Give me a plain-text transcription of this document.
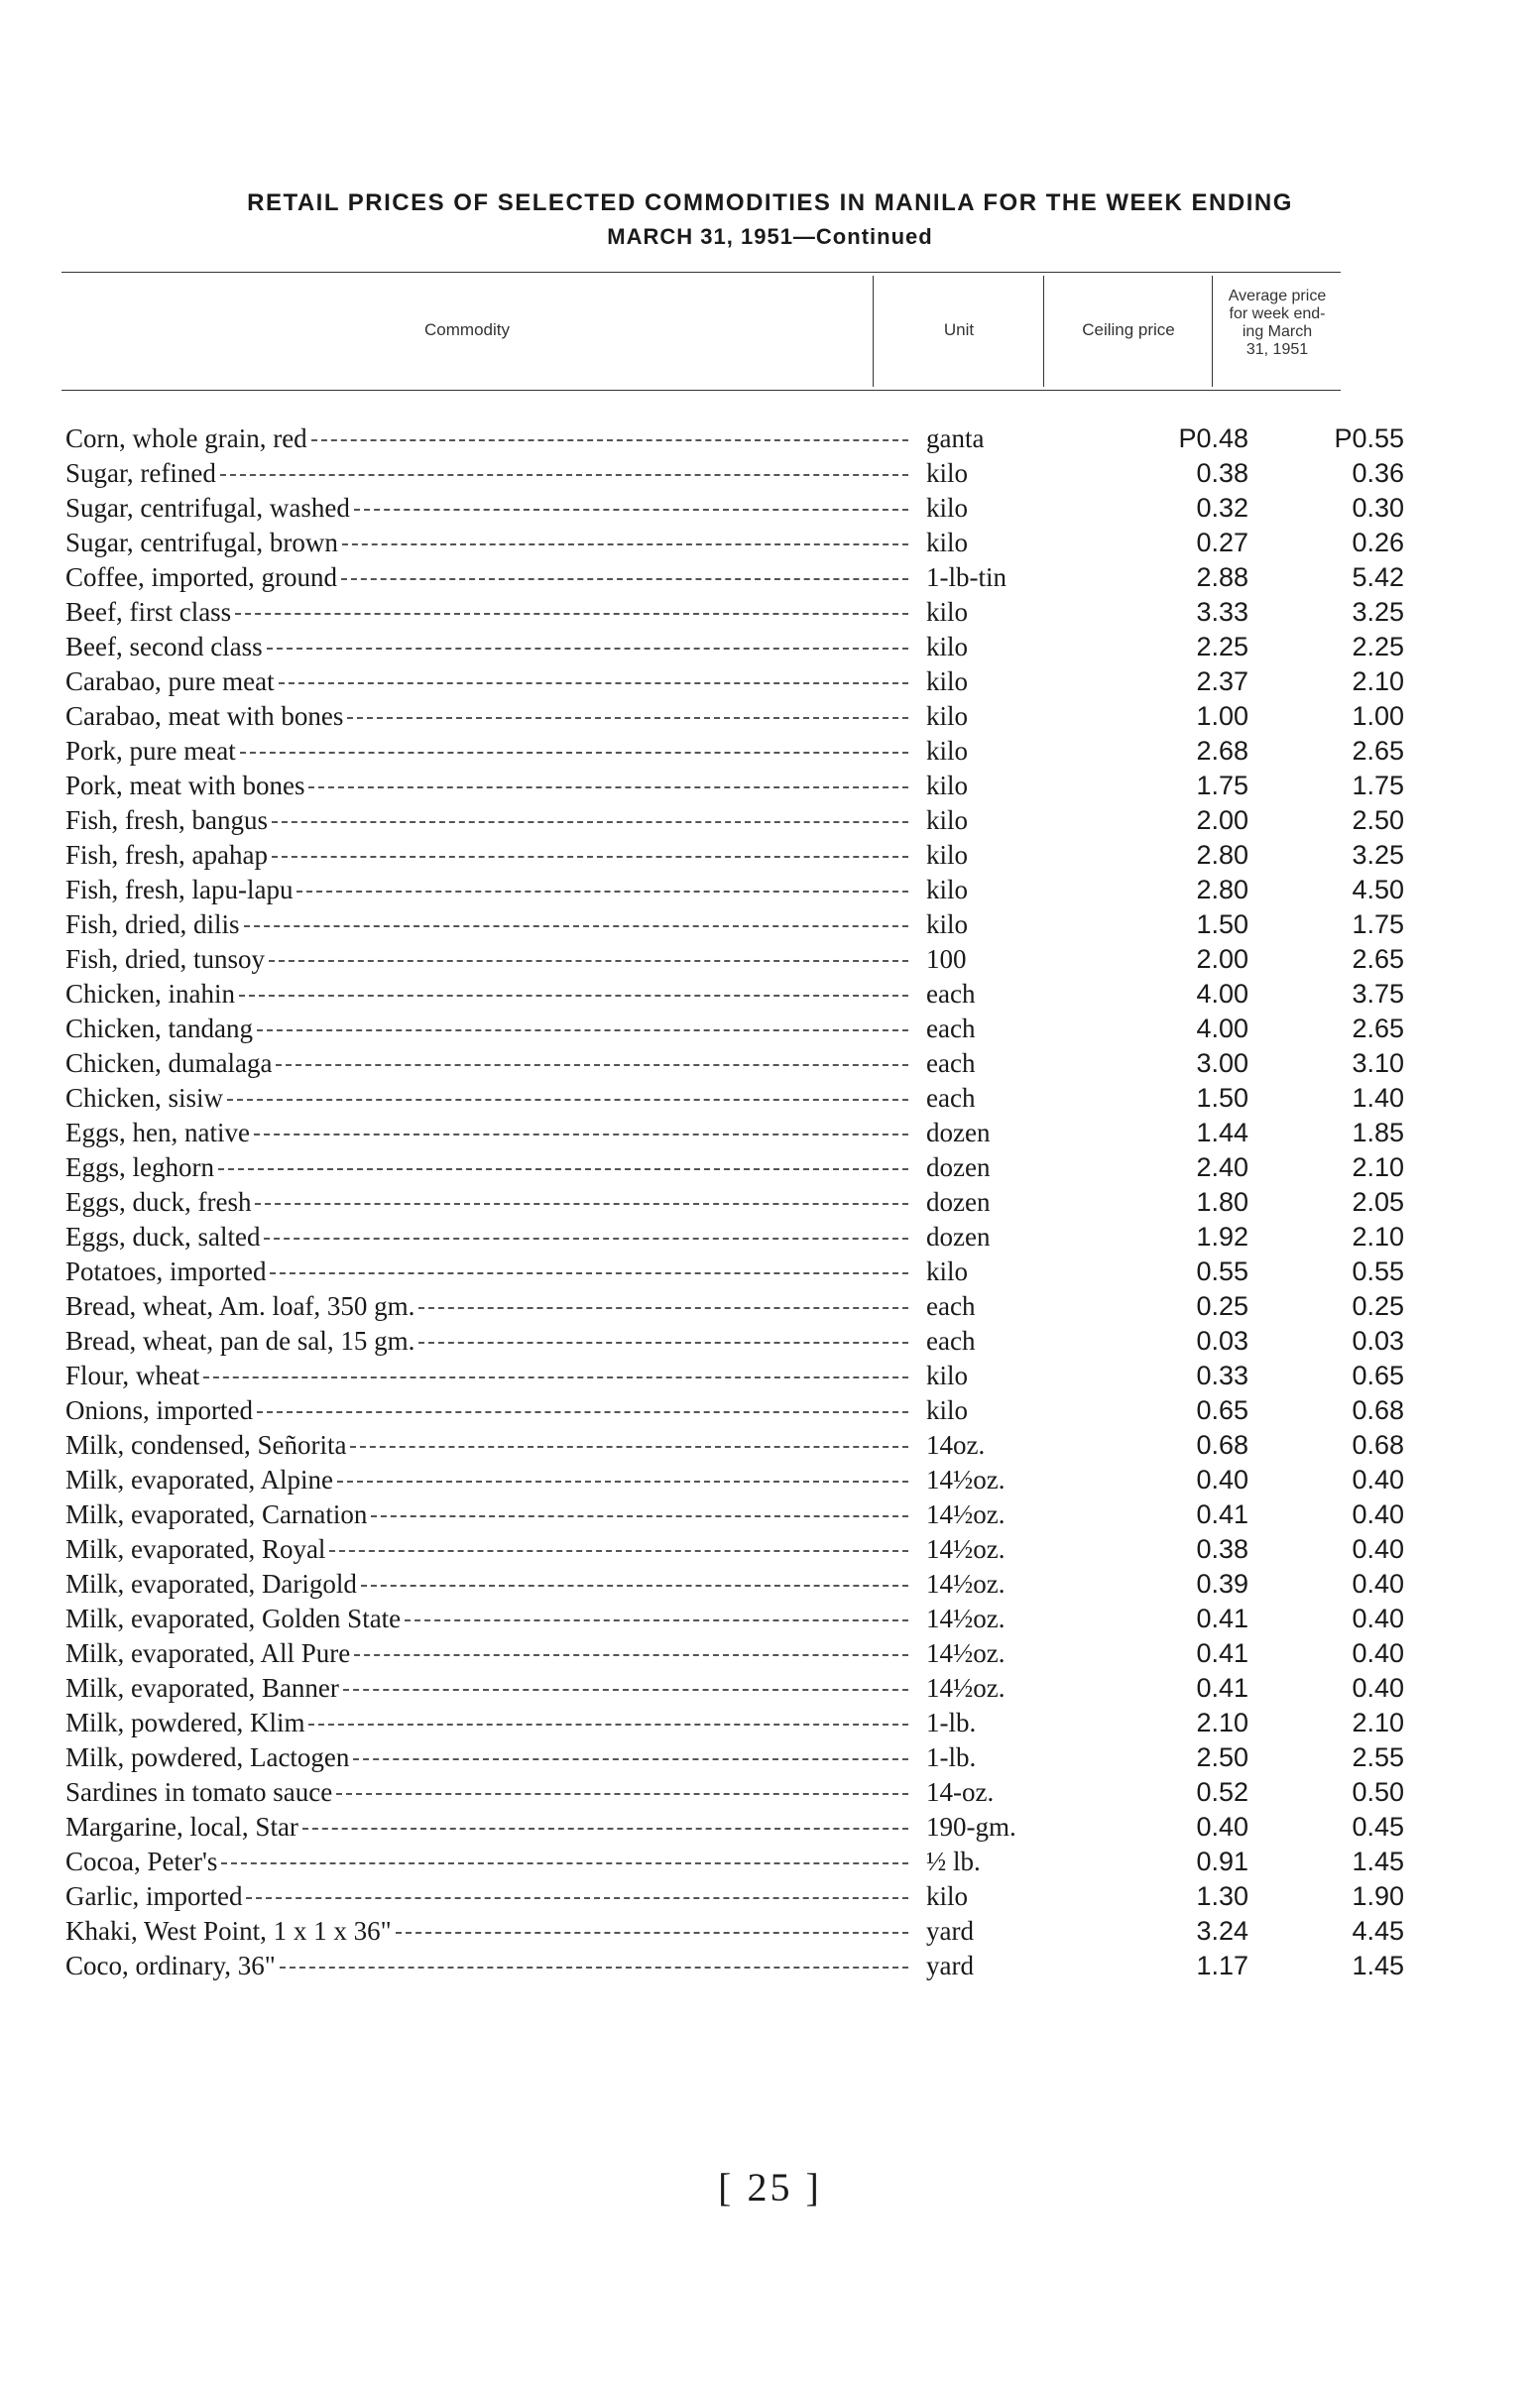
RETAIL PRICES OF SELECTED COMMODITIES IN MANILA FOR THE WEEK ENDING
MARCH 31, 1951—Continued
Commodity	Unit	Ceiling price
Average price
for week end-
ing March
31, 1951
Corn, whole grain, red	ganta	P0.48	P0.55

Sugar, refined	kilo	0.38	0.36

Sugar, centrifugal, washed	kilo	0.32	0.30

Sugar, centrifugal, brown	kilo	0.27	0.26

Coffee, imported, ground	1-lb-tin	2.88	5.42

Beef, first class	kilo	3.33	3.25

Beef, second class	kilo	2.25	2.25

Carabao, pure meat	kilo	2.37	2.10

Carabao, meat with bones	kilo	1.00	1.00

Pork, pure meat	kilo	2.68	2.65

Pork, meat with bones	kilo	1.75	1.75

Fish, fresh, bangus	kilo	2.00	2.50

Fish, fresh, apahap	kilo	2.80	3.25

Fish, fresh, lapu-lapu	kilo	2.80	4.50

Fish, dried, dilis	kilo	1.50	1.75

Fish, dried, tunsoy	100	2.00	2.65

Chicken, inahin	each	4.00	3.75

Chicken, tandang	each	4.00	2.65

Chicken, dumalaga	each	3.00	3.10

Chicken, sisiw	each	1.50	1.40

Eggs, hen, native	dozen	1.44	1.85

Eggs, leghorn	dozen	2.40	2.10

Eggs, duck, fresh	dozen	1.80	2.05

Eggs, duck, salted	dozen	1.92	2.10

Potatoes, imported	kilo	0.55	0.55

Bread, wheat, Am. loaf, 350 gm.	each	0.25	0.25

Bread, wheat, pan de sal, 15 gm.	each	0.03	0.03

Flour, wheat	kilo	0.33	0.65

Onions, imported	kilo	0.65	0.68

Milk, condensed, Señorita	14oz.	0.68	0.68

Milk, evaporated, Alpine	14½oz.	0.40	0.40

Milk, evaporated, Carnation	14½oz.	0.41	0.40

Milk, evaporated, Royal	14½oz.	0.38	0.40

Milk, evaporated, Darigold	14½oz.	0.39	0.40

Milk, evaporated, Golden State	14½oz.	0.41	0.40

Milk, evaporated, All Pure	14½oz.	0.41	0.40

Milk, evaporated, Banner	14½oz.	0.41	0.40

Milk, powdered, Klim	1-lb.	2.10	2.10

Milk, powdered, Lactogen	1-lb.	2.50	2.55

Sardines in tomato sauce	14-oz.	0.52	0.50

Margarine, local, Star	190-gm.	0.40	0.45

Cocoa, Peter's	½ lb.	0.91	1.45

Garlic, imported	kilo	1.30	1.90

Khaki, West Point, 1 x 1 x 36"	yard	3.24	4.45

Coco, ordinary, 36"	yard	1.17	1.45
[ 25 ]
